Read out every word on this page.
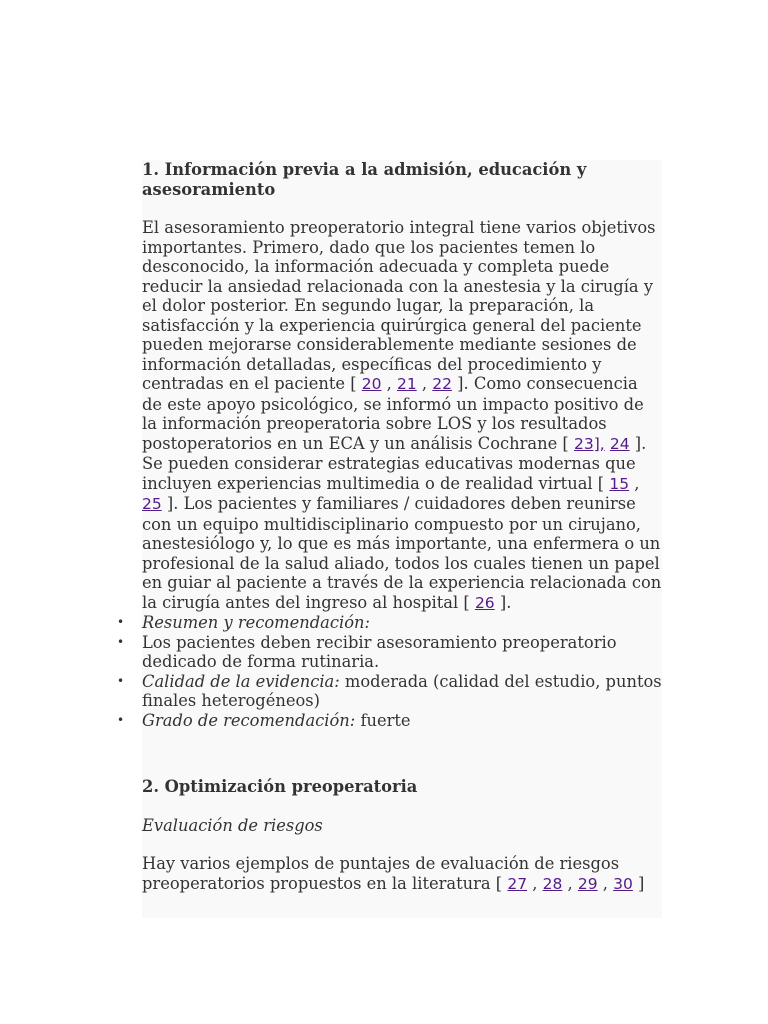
1. Información previa a la admisión, educación y asesoramiento

El asesoramiento preoperatorio integral tiene varios objetivos importantes. Primero, dado que los pacientes temen lo desconocido, la información adecuada y completa puede reducir la ansiedad relacionada con la anestesia y la cirugía y el dolor posterior. En segundo lugar, la preparación, la satisfacción y la experiencia quirúrgica general del paciente pueden mejorarse considerablemente mediante sesiones de información detalladas, específicas del procedimiento y centradas en el paciente [ 20 , 21 , 22 ]. Como consecuencia de este apoyo psicológico, se informó un impacto positivo de la información preoperatoria sobre LOS y los resultados postoperatorios en un ECA y un análisis Cochrane [ 23], 24 ]. Se pueden considerar estrategias educativas modernas que incluyen experiencias multimedia o de realidad virtual [ 15 , 25 ]. Los pacientes y familiares / cuidadores deben reunirse con un equipo multidisciplinario compuesto por un cirujano, anestesiólogo y, lo que es más importante, una enfermera o un profesional de la salud aliado, todos los cuales tienen un papel en guiar al paciente a través de la experiencia relacionada con la cirugía antes del ingreso al hospital [ 26 ].

• Resumen y recomendación:
• Los pacientes deben recibir asesoramiento preoperatorio dedicado de forma rutinaria.
• Calidad de la evidencia: moderada (calidad del estudio, puntos finales heterogéneos)
• Grado de recomendación: fuerte
2. Optimización preoperatoria

Evaluación de riesgos

Hay varios ejemplos de puntajes de evaluación de riesgos preoperatorios propuestos en la literatura [ 27 , 28 , 29 , 30 ]
